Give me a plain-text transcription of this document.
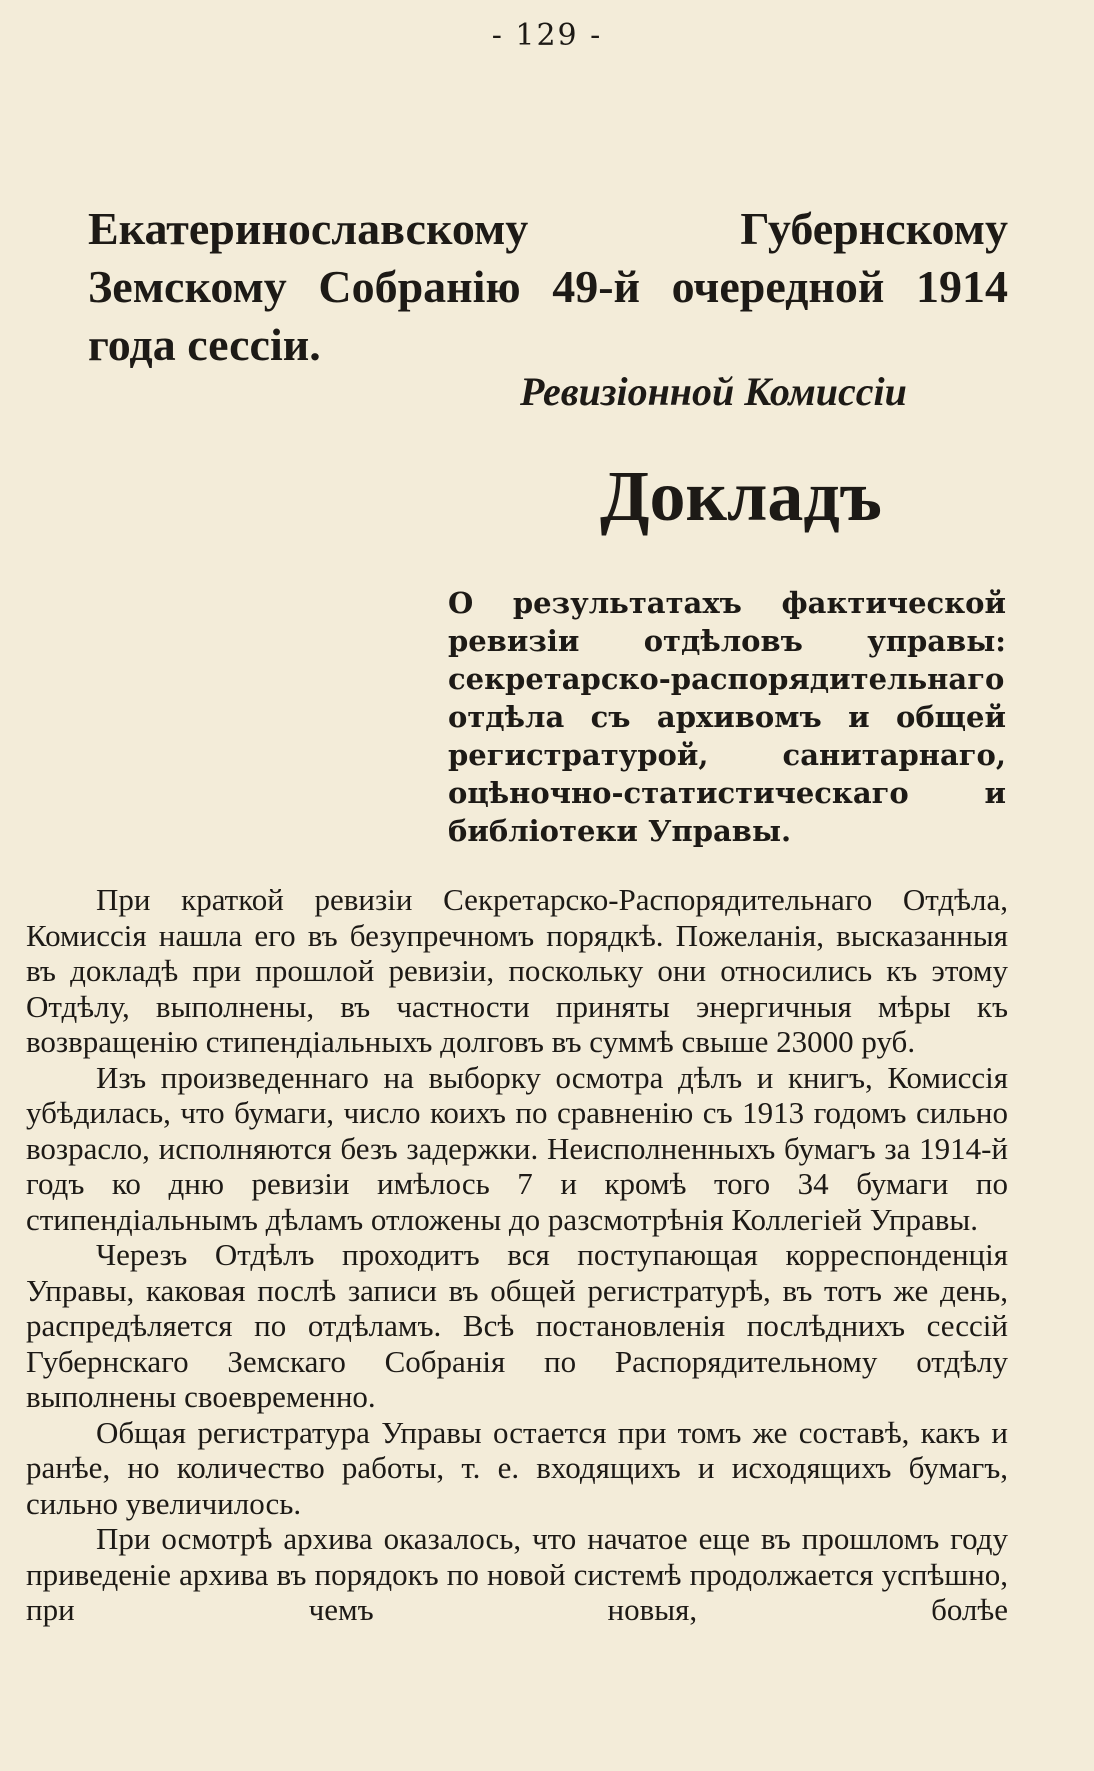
- 129 -
Екатеринославскому Губернскому Земскому Собранію 49-й очередной 1914 года сессіи.
Ревизіонной Комиссіи
Докладъ
О результатахъ фактической ревизіи отдѣловъ управы: секретарско-распорядительнаго отдѣла съ архивомъ и общей регистратурой, санитарнаго, оцѣночно-статистическаго и библіотеки Управы.

При краткой ревизіи Секретарско-Распорядительнаго Отдѣла, Комиссія нашла его въ безупречномъ порядкѣ. Пожеланія, высказанныя въ докладѣ при прошлой ревизіи, поскольку они относились къ этому Отдѣлу, выполнены, въ частности приняты энергичныя мѣры къ возвращенію стипендіальныхъ долговъ въ суммѣ свыше 23000 руб.

Изъ произведеннаго на выборку осмотра дѣлъ и книгъ, Комиссія убѣдилась, что бумаги, число коихъ по сравненію съ 1913 годомъ сильно возрасло, исполняются безъ задержки. Неисполненныхъ бумагъ за 1914-й годъ ко дню ревизіи имѣлось 7 и кромѣ того 34 бумаги по стипендіальнымъ дѣламъ отложены до разсмотрѣнія Коллегіей Управы.

Черезъ Отдѣлъ проходитъ вся поступающая корреспонденція Управы, каковая послѣ записи въ общей регистратурѣ, въ тотъ же день, распредѣляется по отдѣламъ. Всѣ постановленія послѣднихъ сессій Губернскаго Земскаго Собранія по Распорядительному отдѣлу выполнены своевременно.

Общая регистратура Управы остается при томъ же составѣ, какъ и ранѣе, но количество работы, т. е. входящихъ и исходящихъ бумагъ, сильно увеличилось.

При осмотрѣ архива оказалось, что начатое еще въ прошломъ году приведеніе архива въ порядокъ по новой системѣ продолжается успѣшно, при чемъ новыя, болѣе
